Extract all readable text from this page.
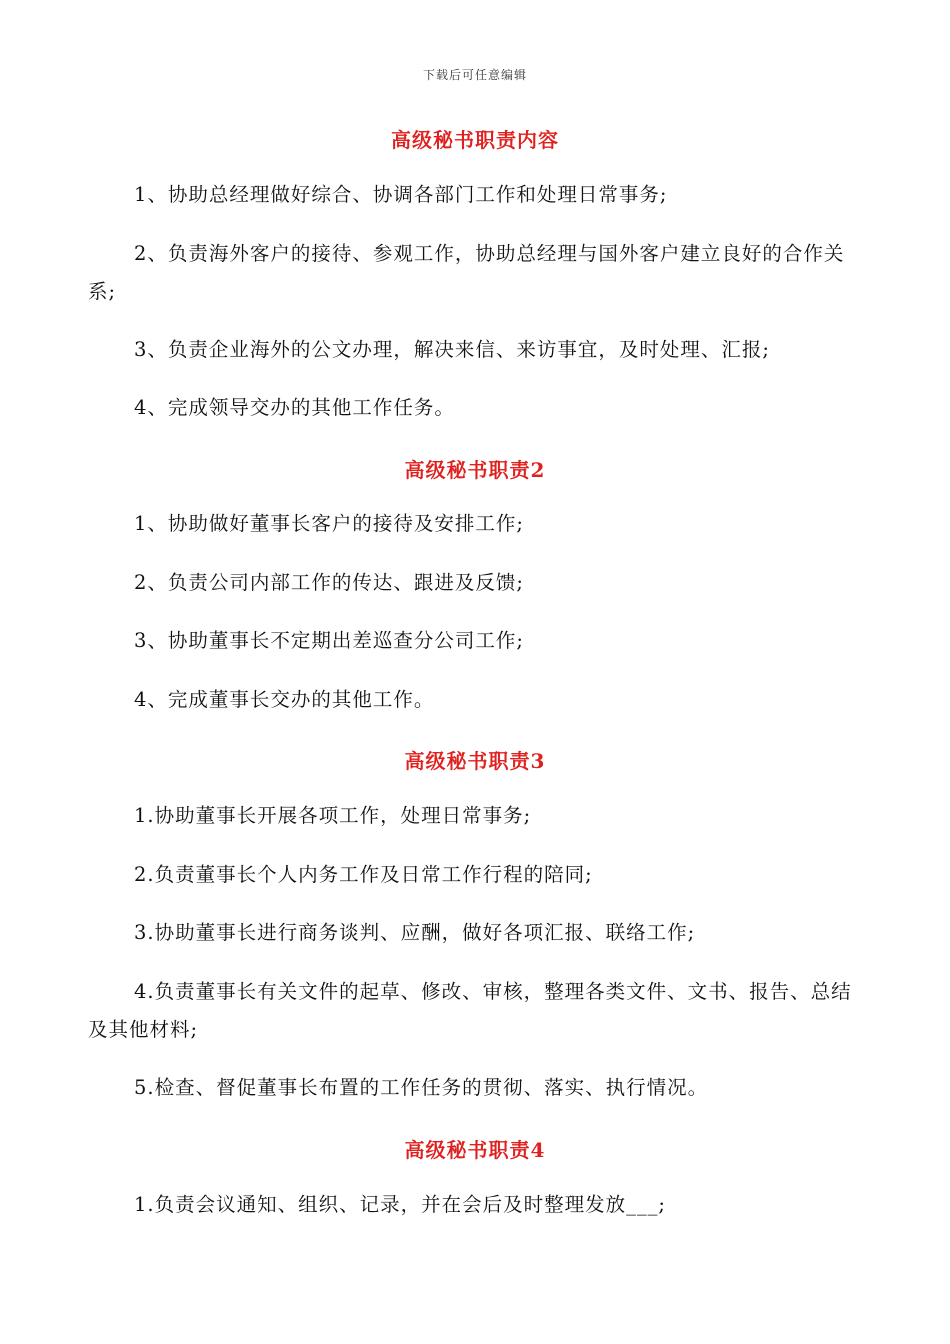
下载后可任意编辑
高级秘书职责内容
1、协助总经理做好综合、协调各部门工作和处理日常事务;
2、负责海外客户的接待、参观工作，协助总经理与国外客户建立良好的合作关系;
3、负责企业海外的公文办理，解决来信、来访事宜，及时处理、汇报;
4、完成领导交办的其他工作任务。
高级秘书职责2
1、协助做好董事长客户的接待及安排工作;
2、负责公司内部工作的传达、跟进及反馈;
3、协助董事长不定期出差巡查分公司工作;
4、完成董事长交办的其他工作。
高级秘书职责3
1.协助董事长开展各项工作，处理日常事务;
2.负责董事长个人内务工作及日常工作行程的陪同;
3.协助董事长进行商务谈判、应酬，做好各项汇报、联络工作;
4.负责董事长有关文件的起草、修改、审核，整理各类文件、文书、报告、总结及其他材料;
5.检查、督促董事长布置的工作任务的贯彻、落实、执行情况。
高级秘书职责4
1.负责会议通知、组织、记录，并在会后及时整理发放___;
